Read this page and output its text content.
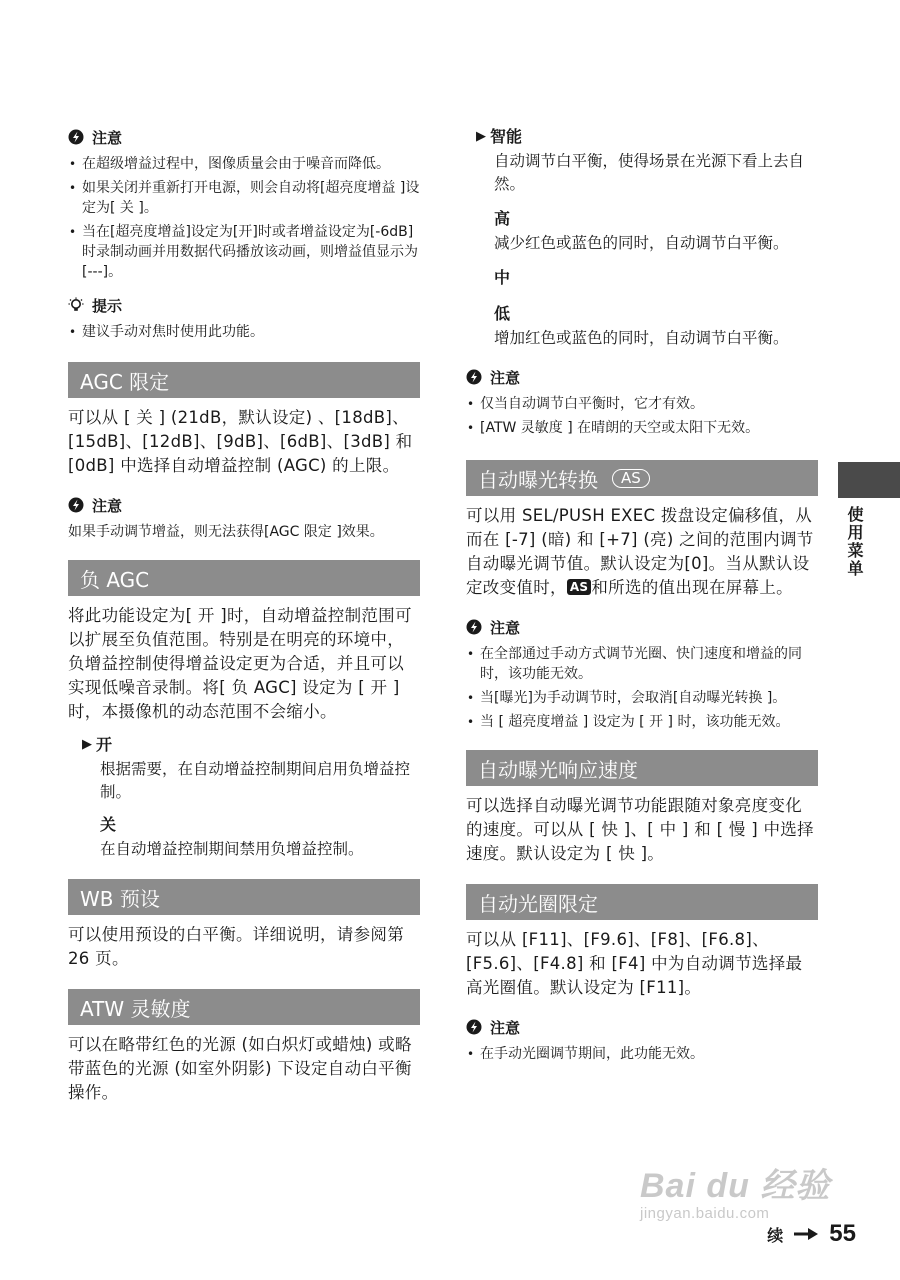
注意
• 在超级增益过程中，图像质量会由于噪音而降低。
• 如果关闭并重新打开电源，则会自动将[超亮度增益 ]设定为[ 关 ]。
• 当在[超亮度增益]设定为[开]时或者增益设定为[-6dB]时录制动画并用数据代码播放该动画，则增益值显示为[---]。
提示
• 建议手动对焦时使用此功能。
AGC 限定

可以从 [ 关 ] (21dB，默认设定) 、[18dB]、[15dB]、[12dB]、[9dB]、[6dB]、[3dB] 和 [0dB] 中选择自动增益控制 (AGC) 的上限。

注意

如果手动调节增益，则无法获得[AGC 限定 ]效果。

负 AGC

将此功能设定为[ 开 ]时，自动增益控制范围可以扩展至负值范围。特别是在明亮的环境中，负增益控制使得增益设定更为合适，并且可以实现低噪音录制。将[ 负 AGC] 设定为 [ 开 ] 时，本摄像机的动态范围不会缩小。

▶ 开
根据需要，在自动增益控制期间启用负增益控制。
关
在自动增益控制期间禁用负增益控制。
WB 预设

可以使用预设的白平衡。详细说明，请参阅第 26 页。

ATW 灵敏度

可以在略带红色的光源 (如白炽灯或蜡烛) 或略带蓝色的光源 (如室外阴影) 下设定自动白平衡操作。

▶ 智能
自动调节白平衡，使得场景在光源下看上去自然。
高
减少红色或蓝色的同时，自动调节白平衡。
中
低
增加红色或蓝色的同时，自动调节白平衡。
注意
• 仅当自动调节白平衡时，它才有效。
• [ATW 灵敏度 ] 在晴朗的天空或太阳下无效。
自动曝光转换	AS

可以用 SEL/PUSH EXEC 拨盘设定偏移值，从而在 [-7] (暗) 和 [+7] (亮) 之间的范围内调节自动曝光调节值。默认设定为[0]。当从默认设定改变值时， AS 和所选的值出现在屏幕上。

注意
• 在全部通过手动方式调节光圈、快门速度和增益的同时，该功能无效。
• 当[曝光]为手动调节时，会取消[自动曝光转换 ]。
• 当 [ 超亮度增益 ] 设定为 [ 开 ] 时，该功能无效。
自动曝光响应速度

可以选择自动曝光调节功能跟随对象亮度变化的速度。可以从 [ 快 ]、[ 中 ] 和 [ 慢 ] 中选择速度。默认设定为 [ 快 ]。

自动光圈限定

可以从 [F11]、[F9.6]、[F8]、[F6.8]、[F5.6]、[F4.8] 和 [F4] 中为自动调节选择最高光圈值。默认设定为 [F11]。

注意
• 在手动光圈调节期间，此功能无效。
使用菜单
Bai du 经验
jingyan.baidu.com
续 55
